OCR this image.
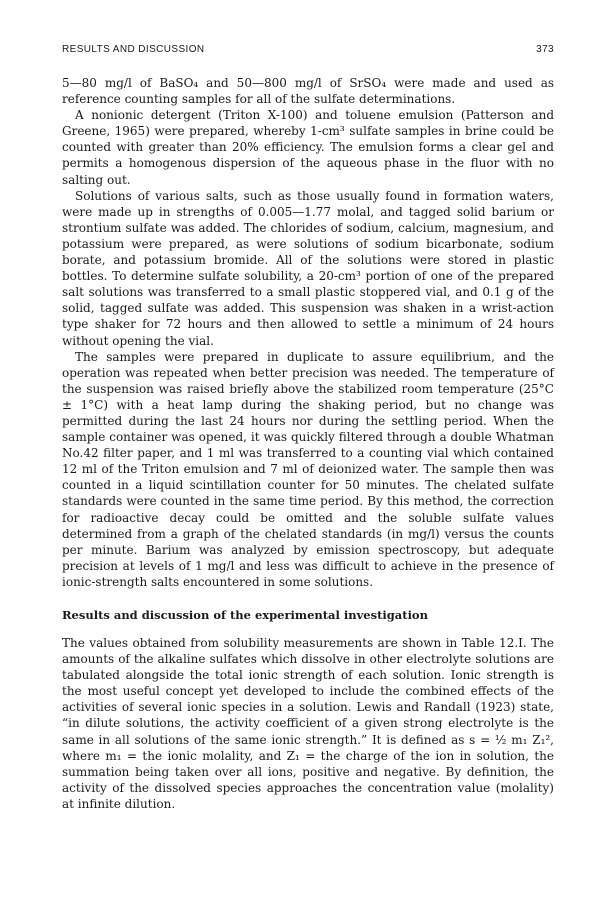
RESULTS AND DISCUSSION	373

5—80 mg/l of BaSO₄ and 50—800 mg/l of SrSO₄ were made and used as reference counting samples for all of the sulfate determinations.

A nonionic detergent (Triton X-100) and toluene emulsion (Patterson and Greene, 1965) were prepared, whereby 1-cm³ sulfate samples in brine could be counted with greater than 20% efficiency. The emulsion forms a clear gel and permits a homogenous dispersion of the aqueous phase in the fluor with no salting out.

Solutions of various salts, such as those usually found in formation waters, were made up in strengths of 0.005—1.77 molal, and tagged solid barium or strontium sulfate was added. The chlorides of sodium, calcium, magnesium, and potassium were prepared, as were solutions of sodium bicarbonate, sodium borate, and potassium bromide. All of the solutions were stored in plastic bottles. To determine sulfate solubility, a 20-cm³ portion of one of the prepared salt solutions was transferred to a small plastic stoppered vial, and 0.1 g of the solid, tagged sulfate was added. This suspension was shaken in a wrist-action type shaker for 72 hours and then allowed to settle a minimum of 24 hours without opening the vial.

The samples were prepared in duplicate to assure equilibrium, and the operation was repeated when better precision was needed. The temperature of the suspension was raised briefly above the stabilized room temperature (25°C ± 1°C) with a heat lamp during the shaking period, but no change was permitted during the last 24 hours nor during the settling period. When the sample container was opened, it was quickly filtered through a double Whatman No.42 filter paper, and 1 ml was transferred to a counting vial which contained 12 ml of the Triton emulsion and 7 ml of deionized water. The sample then was counted in a liquid scintillation counter for 50 minutes. The chelated sulfate standards were counted in the same time period. By this method, the correction for radioactive decay could be omitted and the soluble sulfate values determined from a graph of the chelated standards (in mg/l) versus the counts per minute. Barium was analyzed by emission spectroscopy, but adequate precision at levels of 1 mg/l and less was difficult to achieve in the presence of ionic-strength salts encountered in some solutions.

Results and discussion of the experimental investigation

The values obtained from solubility measurements are shown in Table 12.I. The amounts of the alkaline sulfates which dissolve in other electrolyte solutions are tabulated alongside the total ionic strength of each solution. Ionic strength is the most useful concept yet developed to include the combined effects of the activities of several ionic species in a solution. Lewis and Randall (1923) state, “in dilute solutions, the activity coefficient of a given strong electrolyte is the same in all solutions of the same ionic strength.” It is defined as s = ½ m₁ Z₁², where m₁ = the ionic molality, and Z₁ = the charge of the ion in solution, the summation being taken over all ions, positive and negative. By definition, the activity of the dissolved species approaches the concentration value (molality) at infinite dilution.
